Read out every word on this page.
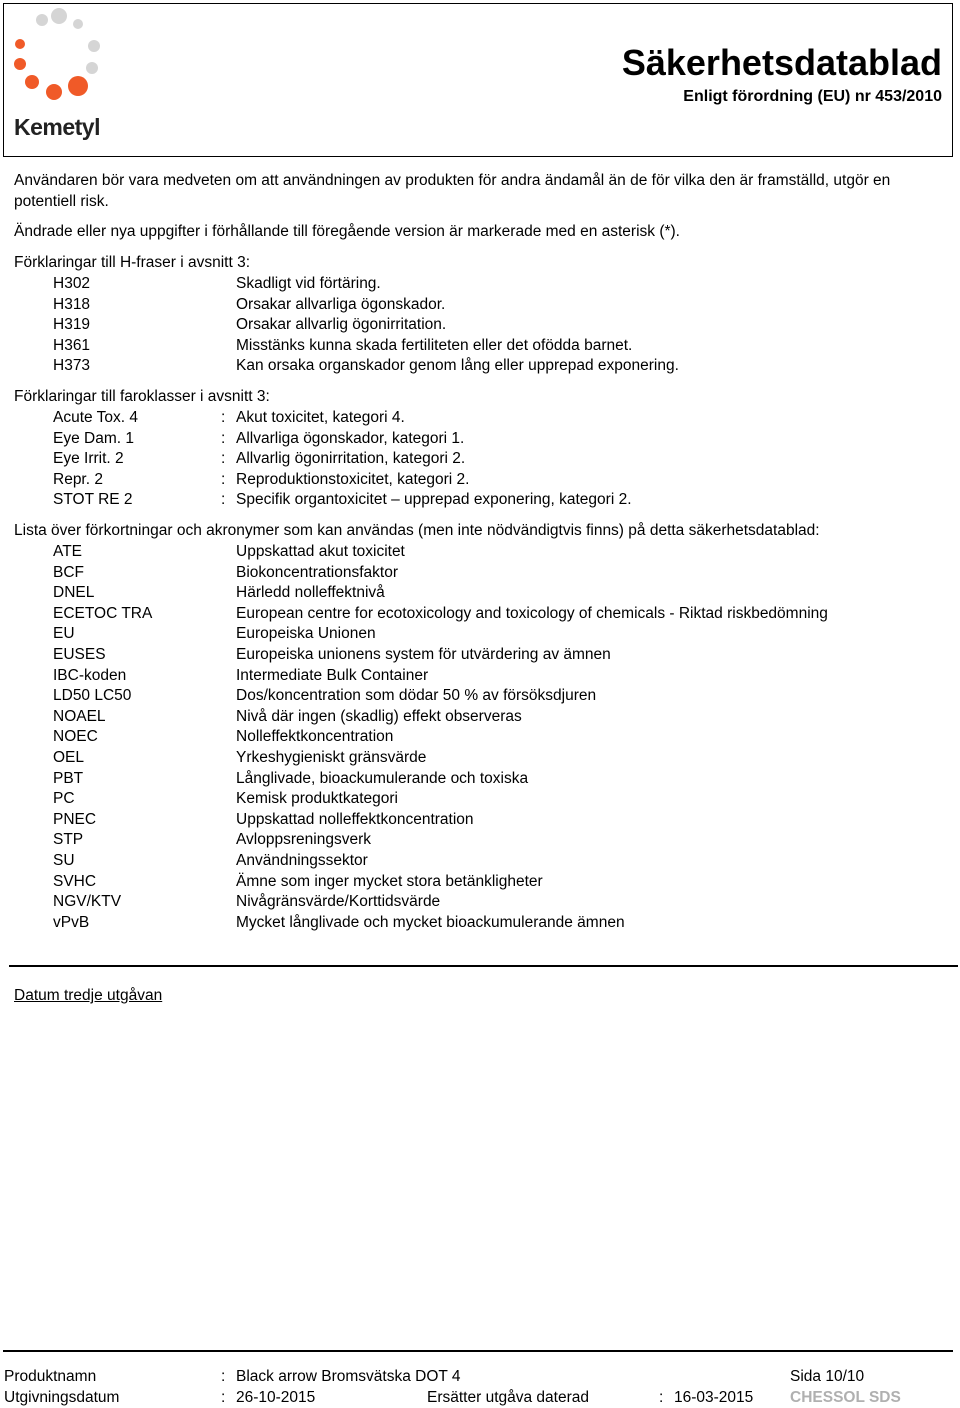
Kemetyl
Säkerhetsdatablad
Enligt förordning (EU) nr 453/2010
Användaren bör vara medveten om att användningen av produkten för andra ändamål än de för vilka den är framställd, utgör en potentiell risk.
Ändrade eller nya uppgifter i förhållande till föregående version är markerade med en asterisk (*).
Förklaringar till H-fraser i avsnitt 3:
H302	Skadligt vid förtäring.
H318	Orsakar allvarliga ögonskador.
H319	Orsakar allvarlig ögonirritation.
H361	Misstänks kunna skada fertiliteten eller det ofödda barnet.
H373	Kan orsaka organskador genom lång eller upprepad exponering.
Förklaringar till faroklasser i avsnitt 3:
Acute Tox. 4	: Akut toxicitet, kategori 4.
Eye Dam. 1	: Allvarliga ögonskador, kategori 1.
Eye Irrit. 2	: Allvarlig ögonirritation, kategori 2.
Repr. 2	: Reproduktionstoxicitet, kategori 2.
STOT RE 2	: Specifik organtoxicitet – upprepad exponering, kategori 2.
Lista över förkortningar och akronymer som kan användas (men inte nödvändigtvis finns) på detta säkerhetsdatablad:
ATE	Uppskattad akut toxicitet
BCF	Biokoncentrationsfaktor
DNEL	Härledd nolleffektnivå
ECETOC TRA	European centre for ecotoxicology and toxicology of chemicals - Riktad riskbedömning
EU	Europeiska Unionen
EUSES	Europeiska unionens system för utvärdering av ämnen
IBC-koden	Intermediate Bulk Container
LD50 LC50	Dos/koncentration som dödar 50 % av försöksdjuren
NOAEL	Nivå där ingen (skadlig) effekt observeras
NOEC	Nolleffektkoncentration
OEL	Yrkeshygieniskt gränsvärde
PBT	Långlivade, bioackumulerande och toxiska
PC	Kemisk produktkategori
PNEC	Uppskattad nolleffektkoncentration
STP	Avloppsreningsverk
SU	Användningssektor
SVHC	Ämne som inger mycket stora betänkligheter
NGV/KTV	Nivågränsvärde/Korttidsvärde
vPvB	Mycket långlivade och mycket bioackumulerande ämnen
Datum tredje utgåvan
Produktnamn	: Black arrow Bromsvätska DOT 4	Sida 10/10
Utgivningsdatum	: 26-10-2015	Ersätter utgåva daterad	: 16-03-2015 CHESSOL SDS
